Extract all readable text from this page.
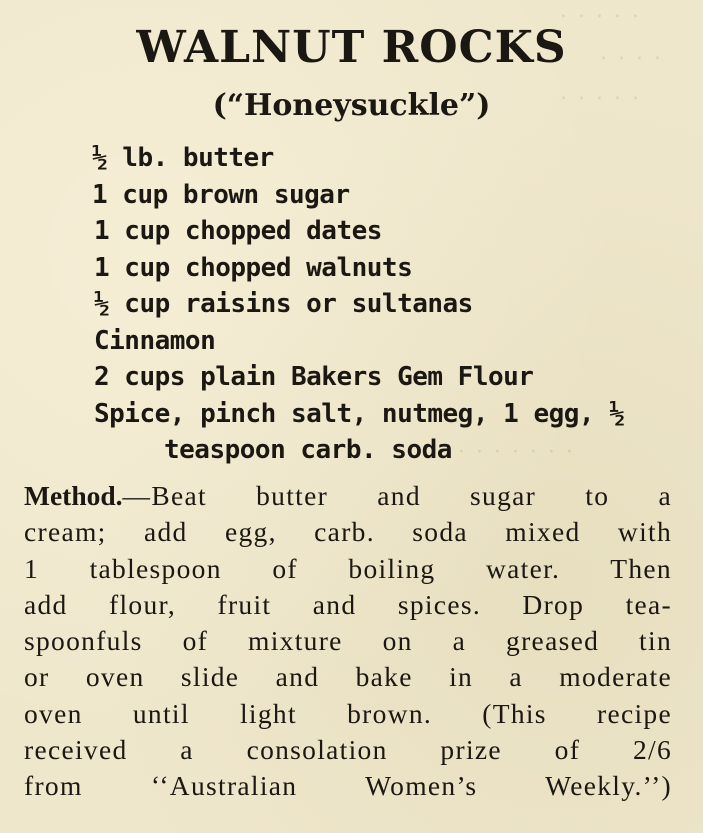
. . . . .
. . . .
. . . . .
· · · · · · · ·
WALNUT ROCKS
(“Honeysuckle”)
½ lb. butter
1 cup brown sugar
1 cup chopped dates
1 cup chopped walnuts
½ cup raisins or sultanas
Cinnamon
2 cups plain Bakers Gem Flour
Spice, pinch salt, nutmeg, 1 egg, ½
teaspoon carb. soda
Method.—Beat butter and sugar to a
cream; add egg, carb. soda mixed with
1 tablespoon of boiling water. Then
add flour, fruit and spices. Drop tea-
spoonfuls of mixture on a greased tin
or oven slide and bake in a moderate
oven until light brown. (This recipe
received a consolation prize of 2/6
from ‘‘Australian Women’s Weekly.’’)
